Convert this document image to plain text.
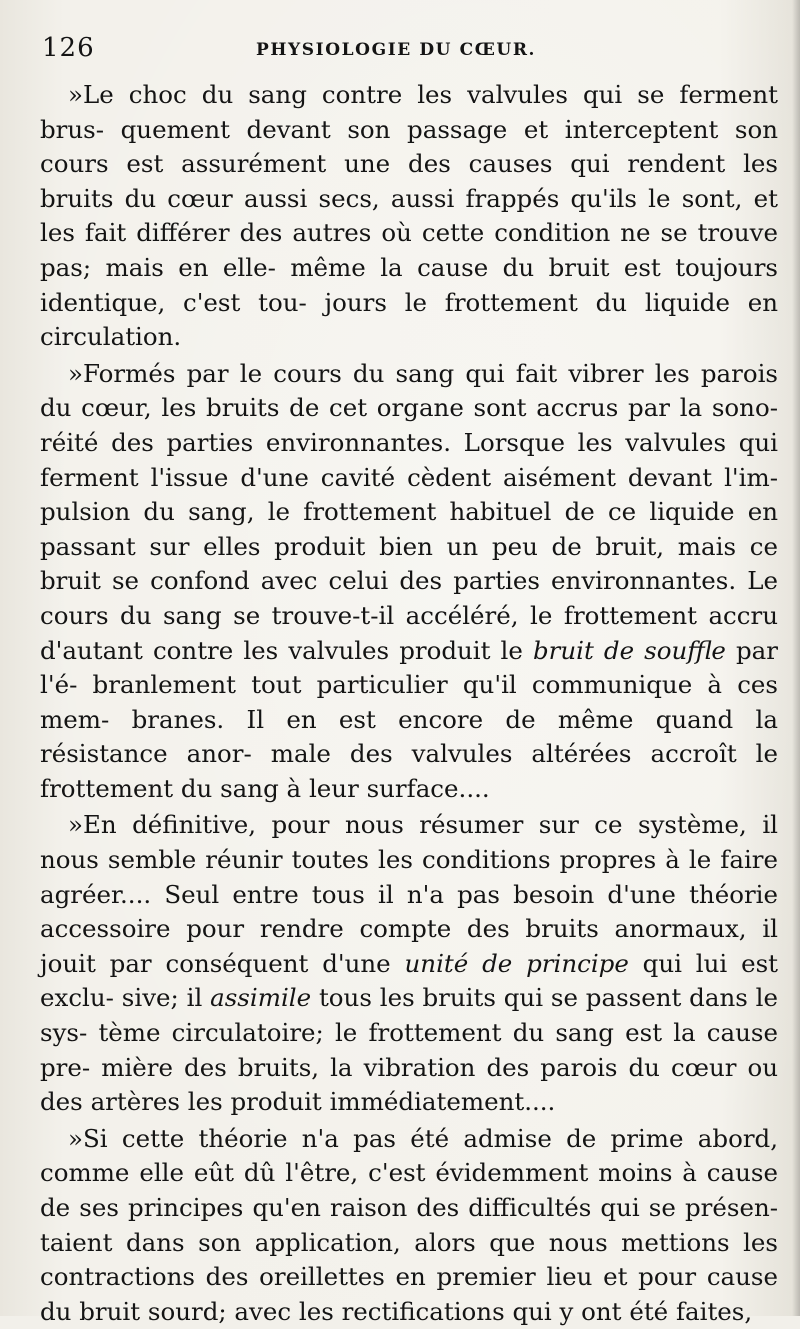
126	PHYSIOLOGIE DU CŒUR.

»Le choc du sang contre les valvules qui se ferment brus- quement devant son passage et interceptent son cours est assurément une des causes qui rendent les bruits du cœur aussi secs, aussi frappés qu'ils le sont, et les fait différer des autres où cette condition ne se trouve pas; mais en elle- même la cause du bruit est toujours identique, c'est tou- jours le frottement du liquide en circulation.

»Formés par le cours du sang qui fait vibrer les parois du cœur, les bruits de cet organe sont accrus par la sono- réité des parties environnantes. Lorsque les valvules qui ferment l'issue d'une cavité cèdent aisément devant l'im- pulsion du sang, le frottement habituel de ce liquide en passant sur elles produit bien un peu de bruit, mais ce bruit se confond avec celui des parties environnantes. Le cours du sang se trouve-t-il accéléré, le frottement accru d'autant contre les valvules produit le bruit de souffle par l'é- branlement tout particulier qu'il communique à ces mem- branes. Il en est encore de même quand la résistance anor- male des valvules altérées accroît le frottement du sang à leur surface....

»En définitive, pour nous résumer sur ce système, il nous semble réunir toutes les conditions propres à le faire agréer.... Seul entre tous il n'a pas besoin d'une théorie accessoire pour rendre compte des bruits anormaux, il jouit par conséquent d'une unité de principe qui lui est exclu- sive; il assimile tous les bruits qui se passent dans le sys- tème circulatoire; le frottement du sang est la cause pre- mière des bruits, la vibration des parois du cœur ou des artères les produit immédiatement....

»Si cette théorie n'a pas été admise de prime abord, comme elle eût dû l'être, c'est évidemment moins à cause de ses principes qu'en raison des difficultés qui se présen- taient dans son application, alors que nous mettions les contractions des oreillettes en premier lieu et pour cause du bruit sourd; avec les rectifications qui y ont été faites,
